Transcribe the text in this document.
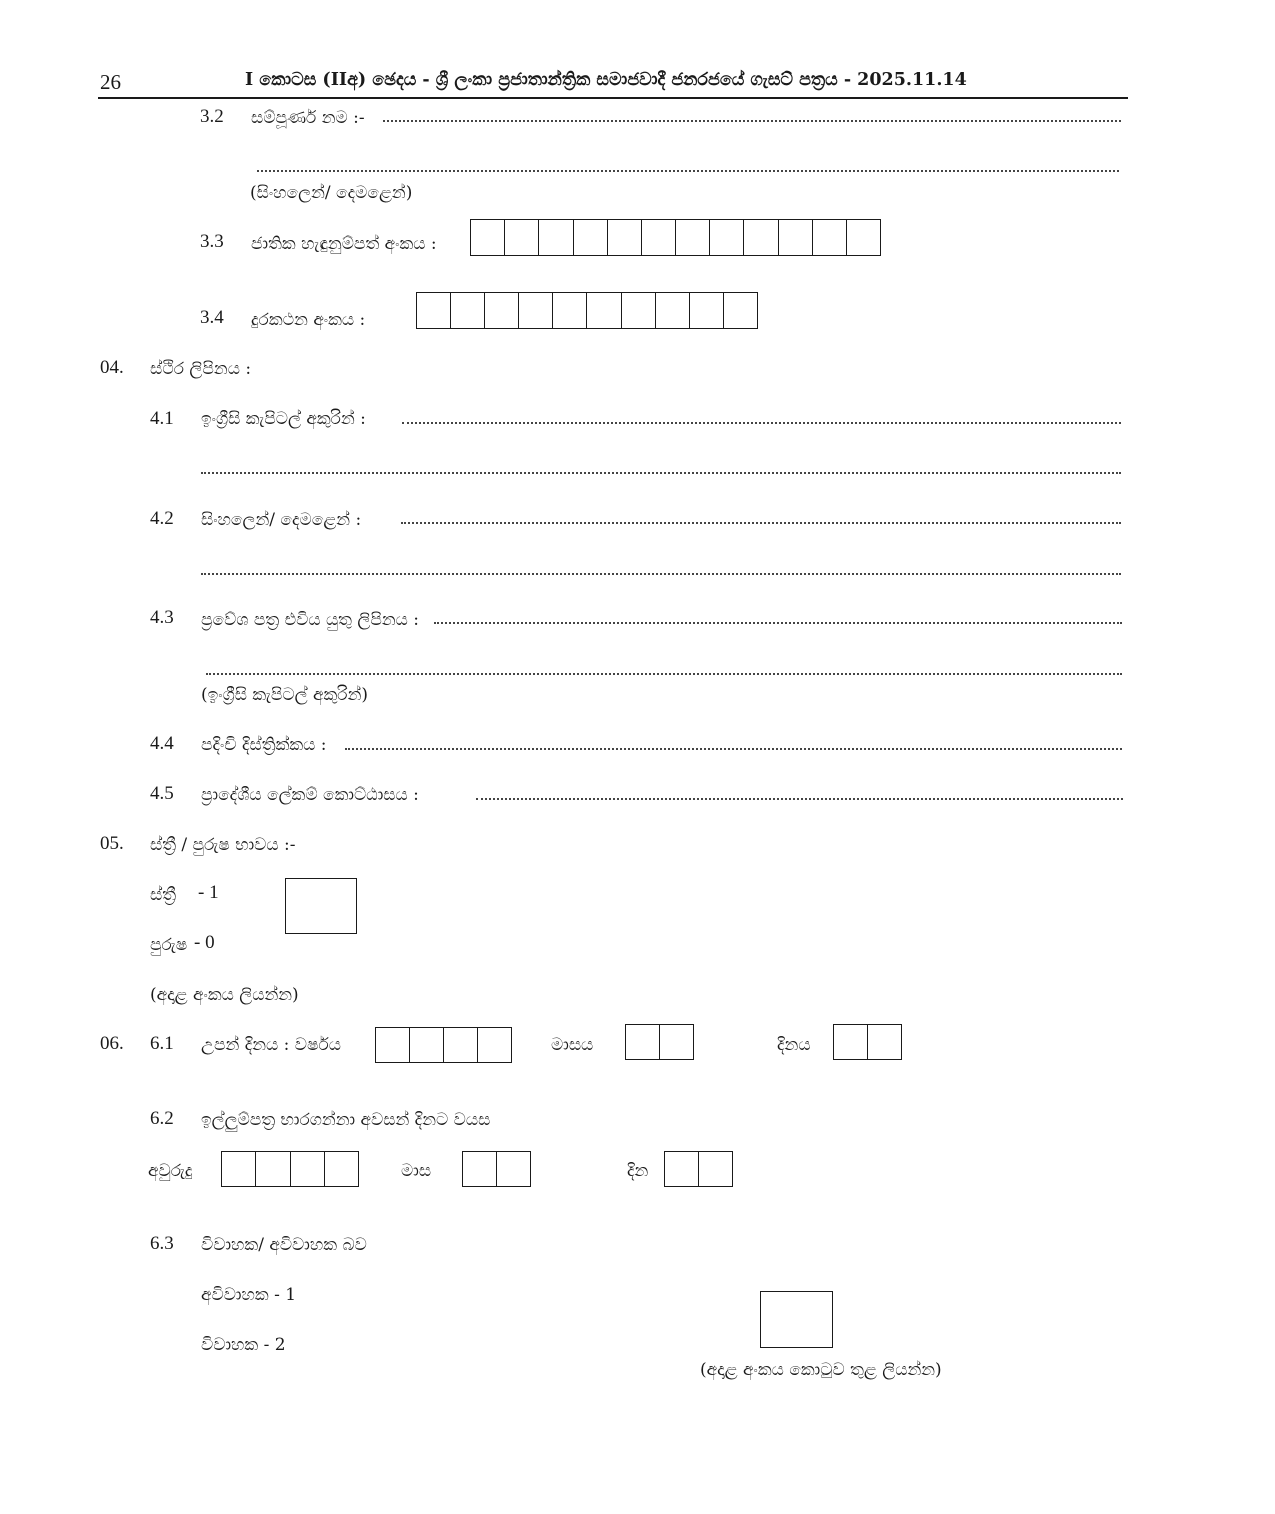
26	I කොටස (IIඅ) ඡෙදය - ශ්‍රී ලංකා ප්‍රජාතාන්ත්‍රික සමාජවාදී ජනරජයේ ගැසට් පත්‍රය - 2025.11.14
3.2 සම්පූර්ණ නම :-
(සිංහලෙන්/ දෙමළෙන්)
3.3 ජාතික හැඳුනුම්පත් අංකය :
3.4 දුරකථන අංකය :
04. ස්ථිර ලිපිනය :
4.1 ඉංග්‍රීසි කැපිටල් අකුරින් :
4.2 සිංහලෙන්/ දෙමළෙන් :
4.3 ප්‍රවේශ පත්‍ර එවිය යුතු ලිපිනය :
(ඉංග්‍රීසි කැපිටල් අකුරින්)
4.4 පදිංචි දිස්ත්‍රික්කය :
4.5 ප්‍රාදේශීය ලේකම් කොට්ඨාසය :
05. ස්ත්‍රී / පුරුෂ භාවය :-
ස්ත්‍රී - 1
පුරුෂ - 0
(අදාළ අංකය ලියන්න)
06. 6.1 උපන් දිනය : වර්ෂය	මාසය	දිනය
6.2 ඉල්ලුම්පත්‍ර භාරගන්නා අවසන් දිනට වයස
අවුරුදු	මාස	දින
6.3 විවාහක/ අවිවාහක බව
අවිවාහක - 1
විවාහක - 2
(අදාළ අංකය කොටුව තුළ ලියන්න)
